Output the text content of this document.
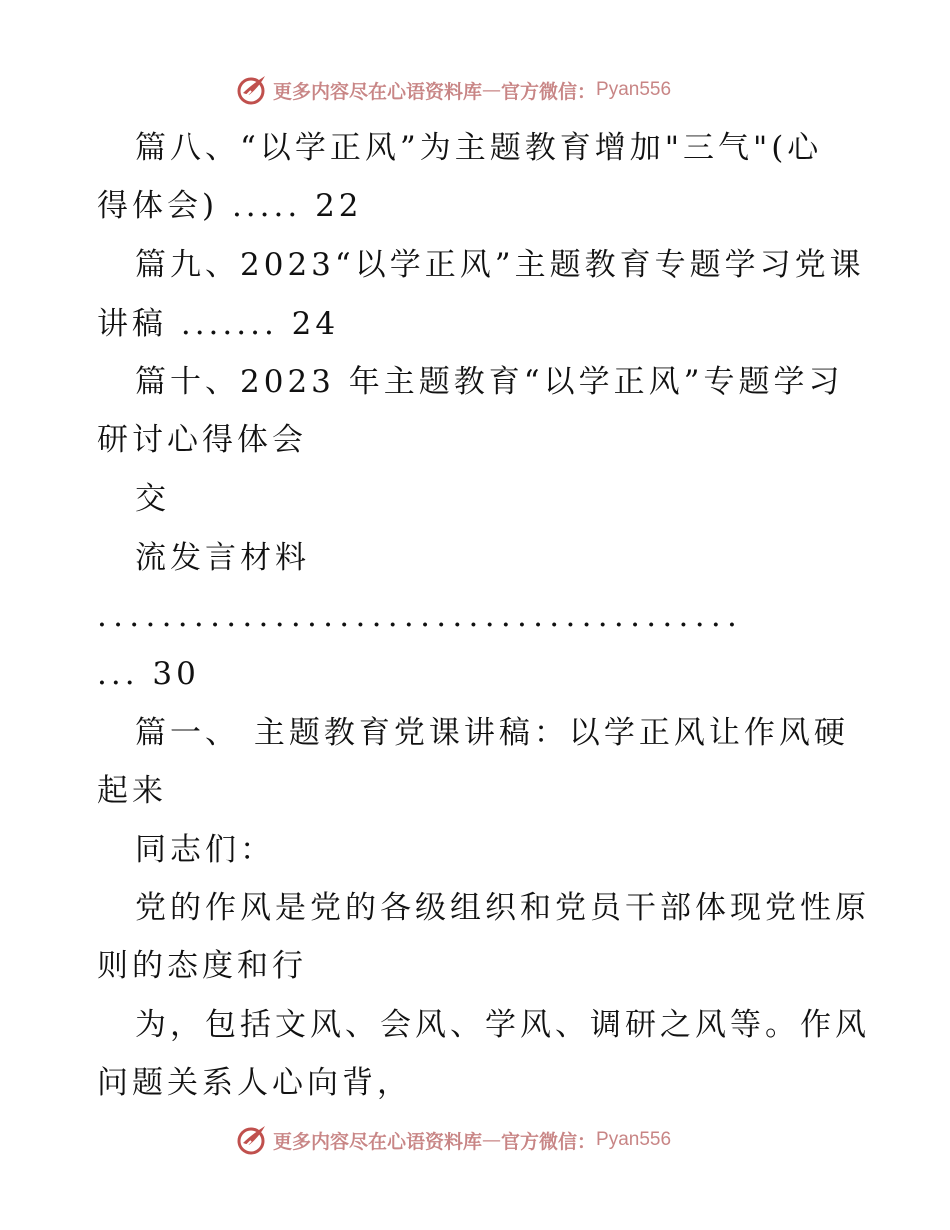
更多内容尽在心语资料库 — 官方微信： Pyan556
篇八、“以学正风”为主题教育增加"三气"(心
得体会) ..... 22
篇九、2023“以学正风”主题教育专题学习党课
讲稿 ....... 24
篇十、2023 年主题教育“以学正风”专题学习
研讨心得体会
交
流发言材料
........................................
... 30
篇一、 主题教育党课讲稿：以学正风让作风硬
起来
同志们：
党的作风是党的各级组织和党员干部体现党性原
则的态度和行
为，包括文风、会风、学风、调研之风等。作风
问题关系人心向背，
更多内容尽在心语资料库 — 官方微信： Pyan556
